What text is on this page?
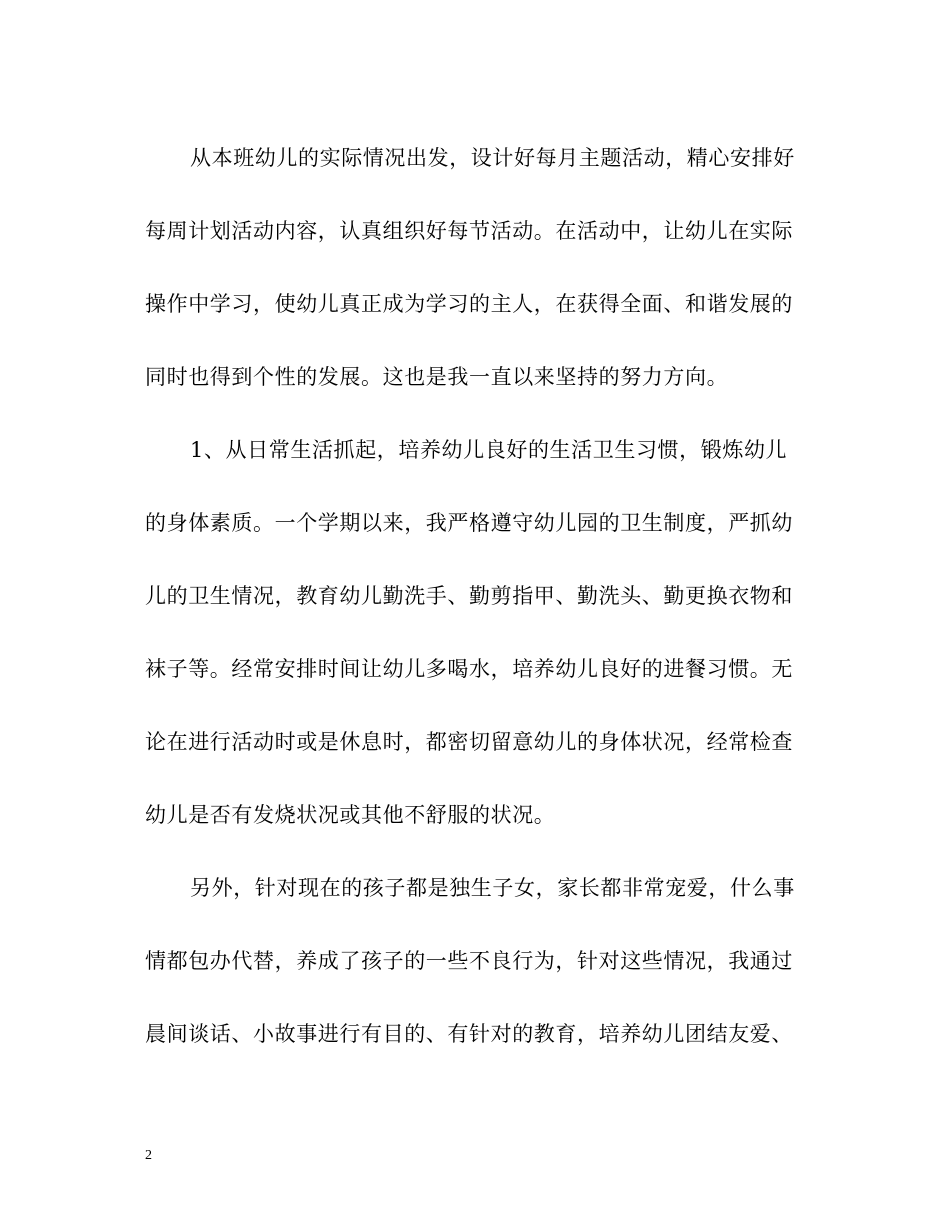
从本班幼儿的实际情况出发，设计好每月主题活动，精心安排好
每周计划活动内容，认真组织好每节活动。在活动中，让幼儿在实际
操作中学习，使幼儿真正成为学习的主人，在获得全面、和谐发展的
同时也得到个性的发展。这也是我一直以来坚持的努力方向。
1、从日常生活抓起，培养幼儿良好的生活卫生习惯，锻炼幼儿
的身体素质。一个学期以来，我严格遵守幼儿园的卫生制度，严抓幼
儿的卫生情况，教育幼儿勤洗手、勤剪指甲、勤洗头、勤更换衣物和
袜子等。经常安排时间让幼儿多喝水，培养幼儿良好的进餐习惯。无
论在进行活动时或是休息时，都密切留意幼儿的身体状况，经常检查
幼儿是否有发烧状况或其他不舒服的状况。
另外，针对现在的孩子都是独生子女，家长都非常宠爱，什么事
情都包办代替，养成了孩子的一些不良行为，针对这些情况，我通过
晨间谈话、小故事进行有目的、有针对的教育，培养幼儿团结友爱、
2
